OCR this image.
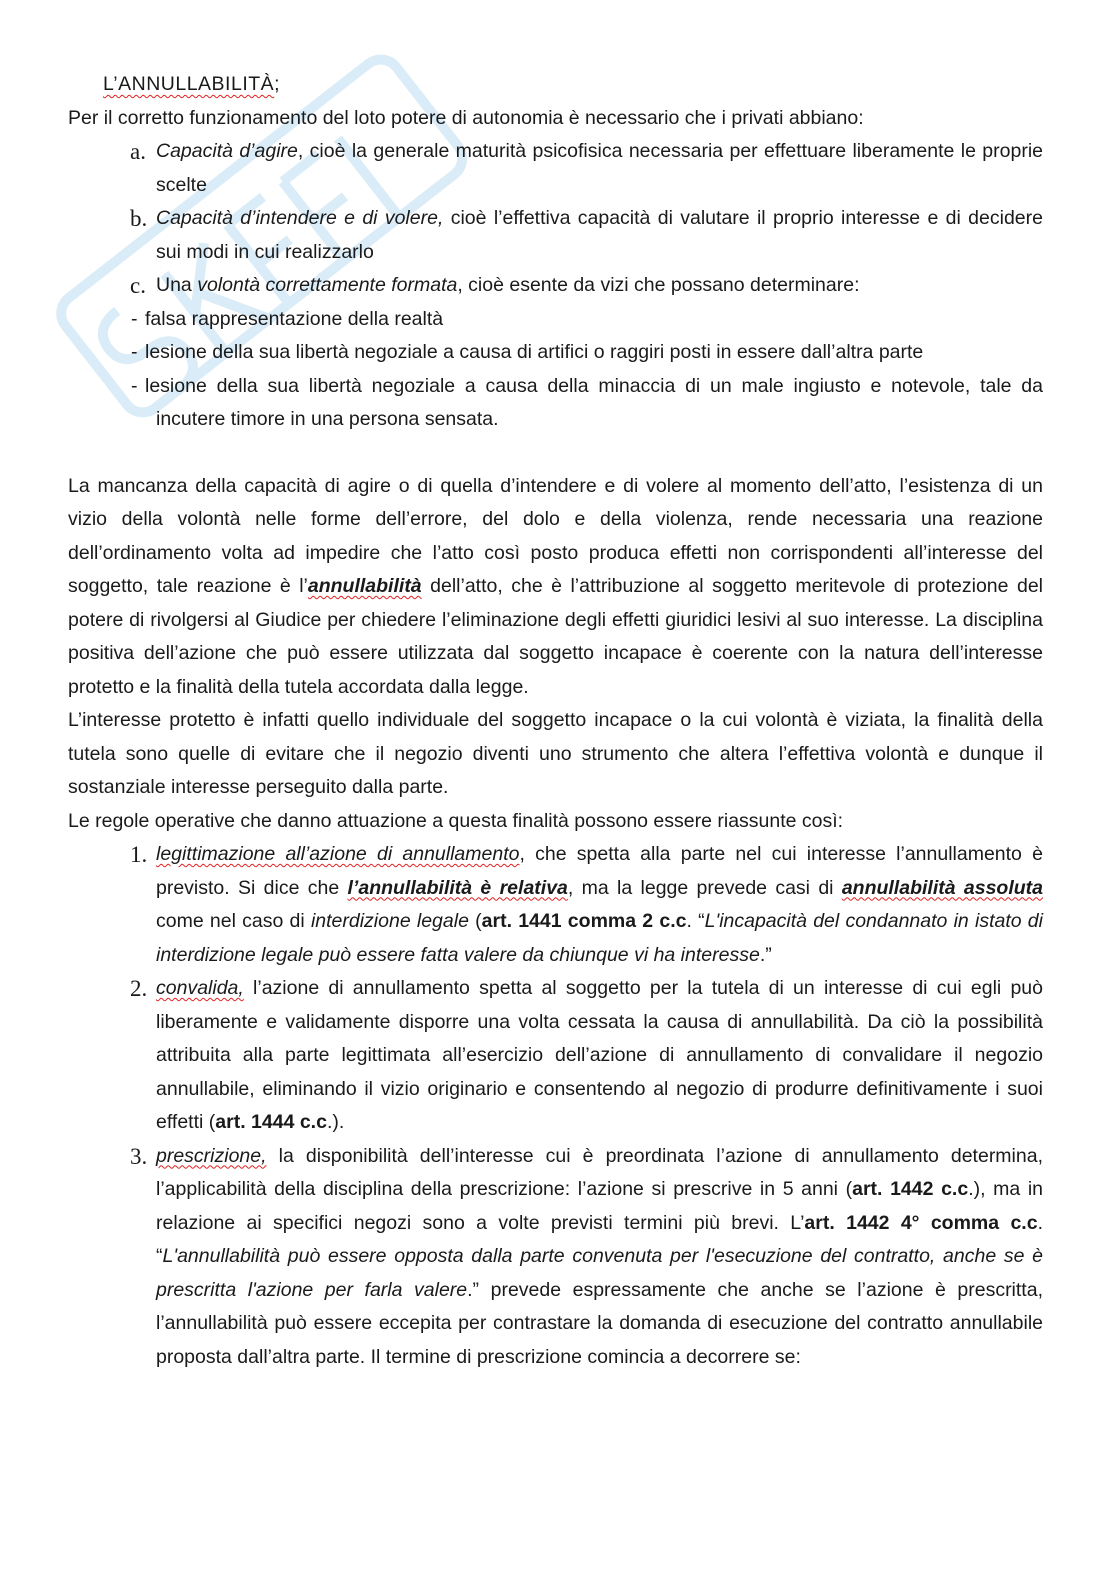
L’ANNULLABILITÀ;
Per il corretto funzionamento del loto potere di autonomia è necessario che i privati abbiano:
a. Capacità d’agire, cioè la generale maturità psicofisica necessaria per effettuare liberamente le proprie scelte
b. Capacità d’intendere e di volere, cioè l’effettiva capacità di valutare il proprio interesse e di decidere sui modi in cui realizzarlo
c. Una volontà correttamente formata, cioè esente da vizi che possano determinare:
- falsa rappresentazione della realtà
- lesione della sua libertà negoziale a causa di artifici o raggiri posti in essere dall’altra parte
- lesione della sua libertà negoziale a causa della minaccia di un male ingiusto e notevole, tale da incutere timore in una persona sensata.
La mancanza della capacità di agire o di quella d’intendere e di volere al momento dell’atto, l’esistenza di un vizio della volontà nelle forme dell’errore, del dolo e della violenza, rende necessaria una reazione dell’ordinamento volta ad impedire che l’atto così posto produca effetti non corrispondenti all’interesse del soggetto, tale reazione è l’annullabilità dell’atto, che è l’attribuzione al soggetto meritevole di protezione del potere di rivolgersi al Giudice per chiedere l’eliminazione degli effetti giuridici lesivi al suo interesse. La disciplina positiva dell’azione che può essere utilizzata dal soggetto incapace è coerente con la natura dell’interesse protetto e la finalità della tutela accordata dalla legge.
L’interesse protetto è infatti quello individuale del soggetto incapace o la cui volontà è viziata, la finalità della tutela sono quelle di evitare che il negozio diventi uno strumento che altera l’effettiva volontà e dunque il sostanziale interesse perseguito dalla parte.
Le regole operative che danno attuazione a questa finalità possono essere riassunte così:
1. legittimazione all’azione di annullamento, che spetta alla parte nel cui interesse l’annullamento è previsto. Si dice che l’annullabilità è relativa, ma la legge prevede casi di annullabilità assoluta come nel caso di interdizione legale (art. 1441 comma 2 c.c. “L'incapacità del condannato in istato di interdizione legale può essere fatta valere da chiunque vi ha interesse.”
2. convalida, l’azione di annullamento spetta al soggetto per la tutela di un interesse di cui egli può liberamente e validamente disporre una volta cessata la causa di annullabilità. Da ciò la possibilità attribuita alla parte legittimata all’esercizio dell’azione di annullamento di convalidare il negozio annullabile, eliminando il vizio originario e consentendo al negozio di produrre definitivamente i suoi effetti (art. 1444 c.c.).
3. prescrizione, la disponibilità dell’interesse cui è preordinata l’azione di annullamento determina, l’applicabilità della disciplina della prescrizione: l’azione si prescrive in 5 anni (art. 1442 c.c.), ma in relazione ai specifici negozi sono a volte previsti termini più brevi. L’art. 1442 4° comma c.c. “L'annullabilità può essere opposta dalla parte convenuta per l'esecuzione del contratto, anche se è prescritta l'azione per farla valere.” prevede espressamente che anche se l’azione è prescritta, l’annullabilità può essere eccepita per contrastare la domanda di esecuzione del contratto annullabile proposta dall’altra parte. Il termine di prescrizione comincia a decorrere se:
